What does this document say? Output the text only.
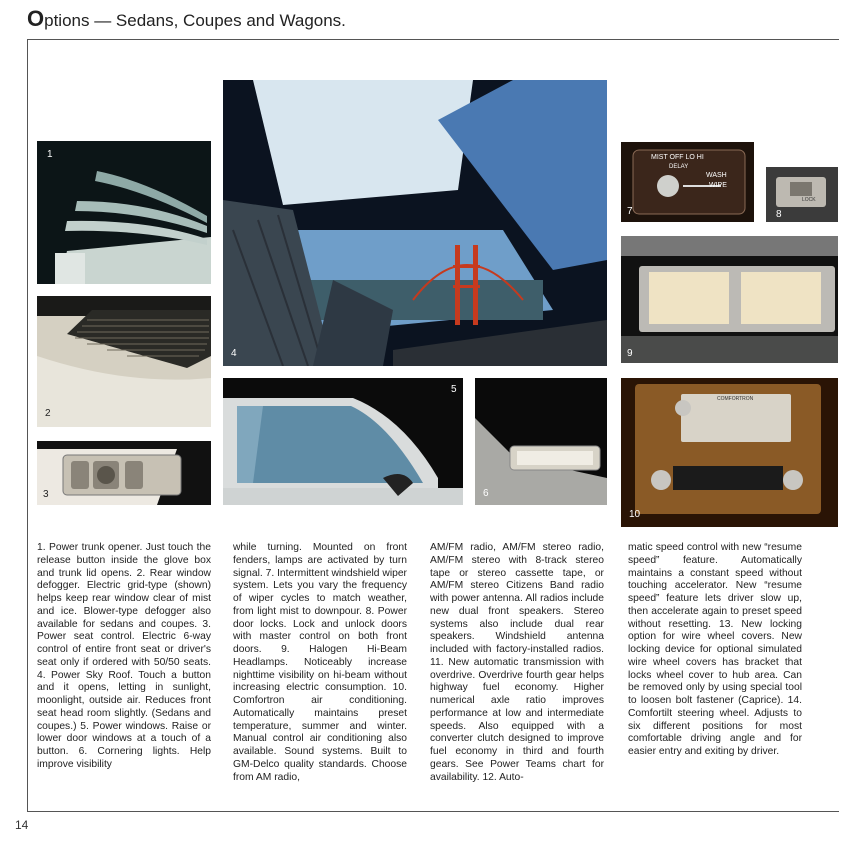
Options — Sedans, Coupes and Wagons.
1
2
3
4
5
6
MIST OFF LO HI
DELAY
WASH
WIPE
7
LOCK
8
9
COMFORTRON
10
1. Power trunk opener. Just touch the release button inside the glove box and trunk lid opens. 2. Rear window defogger. Electric grid-type (shown) helps keep rear window clear of mist and ice. Blower-type defogger also available for sedans and coupes. 3. Power seat control. Electric 6-way control of entire front seat or driver's seat only if ordered with 50/50 seats. 4. Power Sky Roof. Touch a button and it opens, letting in sunlight, moonlight, outside air. Reduces front seat head room slightly. (Sedans and coupes.) 5. Power windows. Raise or lower door windows at a touch of a button. 6. Cornering lights. Help improve visibility
while turning. Mounted on front fenders, lamps are activated by turn signal. 7. Intermittent windshield wiper system. Lets you vary the frequency of wiper cycles to match weather, from light mist to downpour. 8. Power door locks. Lock and unlock doors with master control on both front doors. 9. Halogen Hi-Beam Headlamps. Noticeably increase nighttime visibility on hi-beam without increasing electric consumption. 10. Comfortron air conditioning. Automatically maintains preset temperature, summer and winter. Manual control air conditioning also available. Sound systems. Built to GM-Delco quality standards. Choose from AM radio,
AM/FM radio, AM/FM stereo radio, AM/FM stereo with 8-track stereo tape or stereo cassette tape, or AM/FM stereo Citizens Band radio with power antenna. All radios include new dual front speakers. Stereo systems also include dual rear speakers. Windshield antenna included with factory-installed radios. 11. New automatic transmission with overdrive. Overdrive fourth gear helps highway fuel economy. Higher numerical axle ratio improves performance at low and intermediate speeds. Also equipped with a converter clutch designed to improve fuel economy in third and fourth gears. See Power Teams chart for availability. 12. Auto-
matic speed control with new “resume speed” feature. Automatically maintains a constant speed without touching accelerator. New “resume speed” feature lets driver slow up, then accelerate again to preset speed without resetting. 13. New locking option for wire wheel covers. New locking device for optional simulated wire wheel covers has bracket that locks wheel cover to hub area. Can be removed only by using special tool to loosen bolt fastener (Caprice). 14. Comfortilt steering wheel. Adjusts to six different positions for most comfortable driving angle and for easier entry and exiting by driver.
14
